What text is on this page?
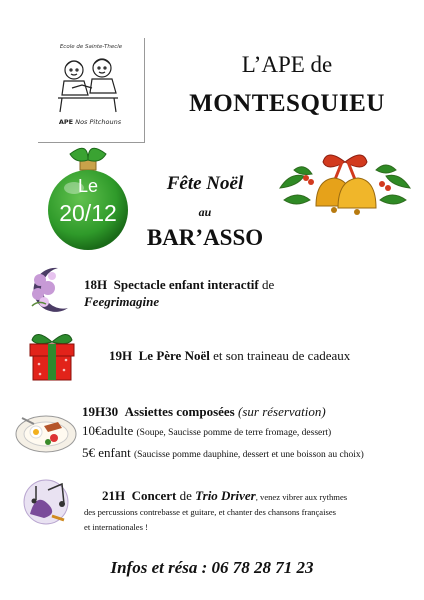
Ecole de Sainte-Thecle
APE Nos Pitchouns
L’APE de
MONTESQUIEU
Le
20/12
Fête Noël
au
BAR’ASSO
18H Spectacle enfant interactif de
Feegrimagine
19H Le Père Noël et son traineau de cadeaux
19H30 Assiettes composées (sur réservation)
10€adulte (Soupe, Saucisse pomme de terre fromage, dessert)
5€ enfant (Saucisse pomme dauphine, dessert et une boisson au choix)
21H Concert de Trio Driver, venez vibrer aux rythmes
des percussions contrebasse et guitare, et chanter des chansons françaises
et internationales !
Infos et résa : 06 78 28 71 23
